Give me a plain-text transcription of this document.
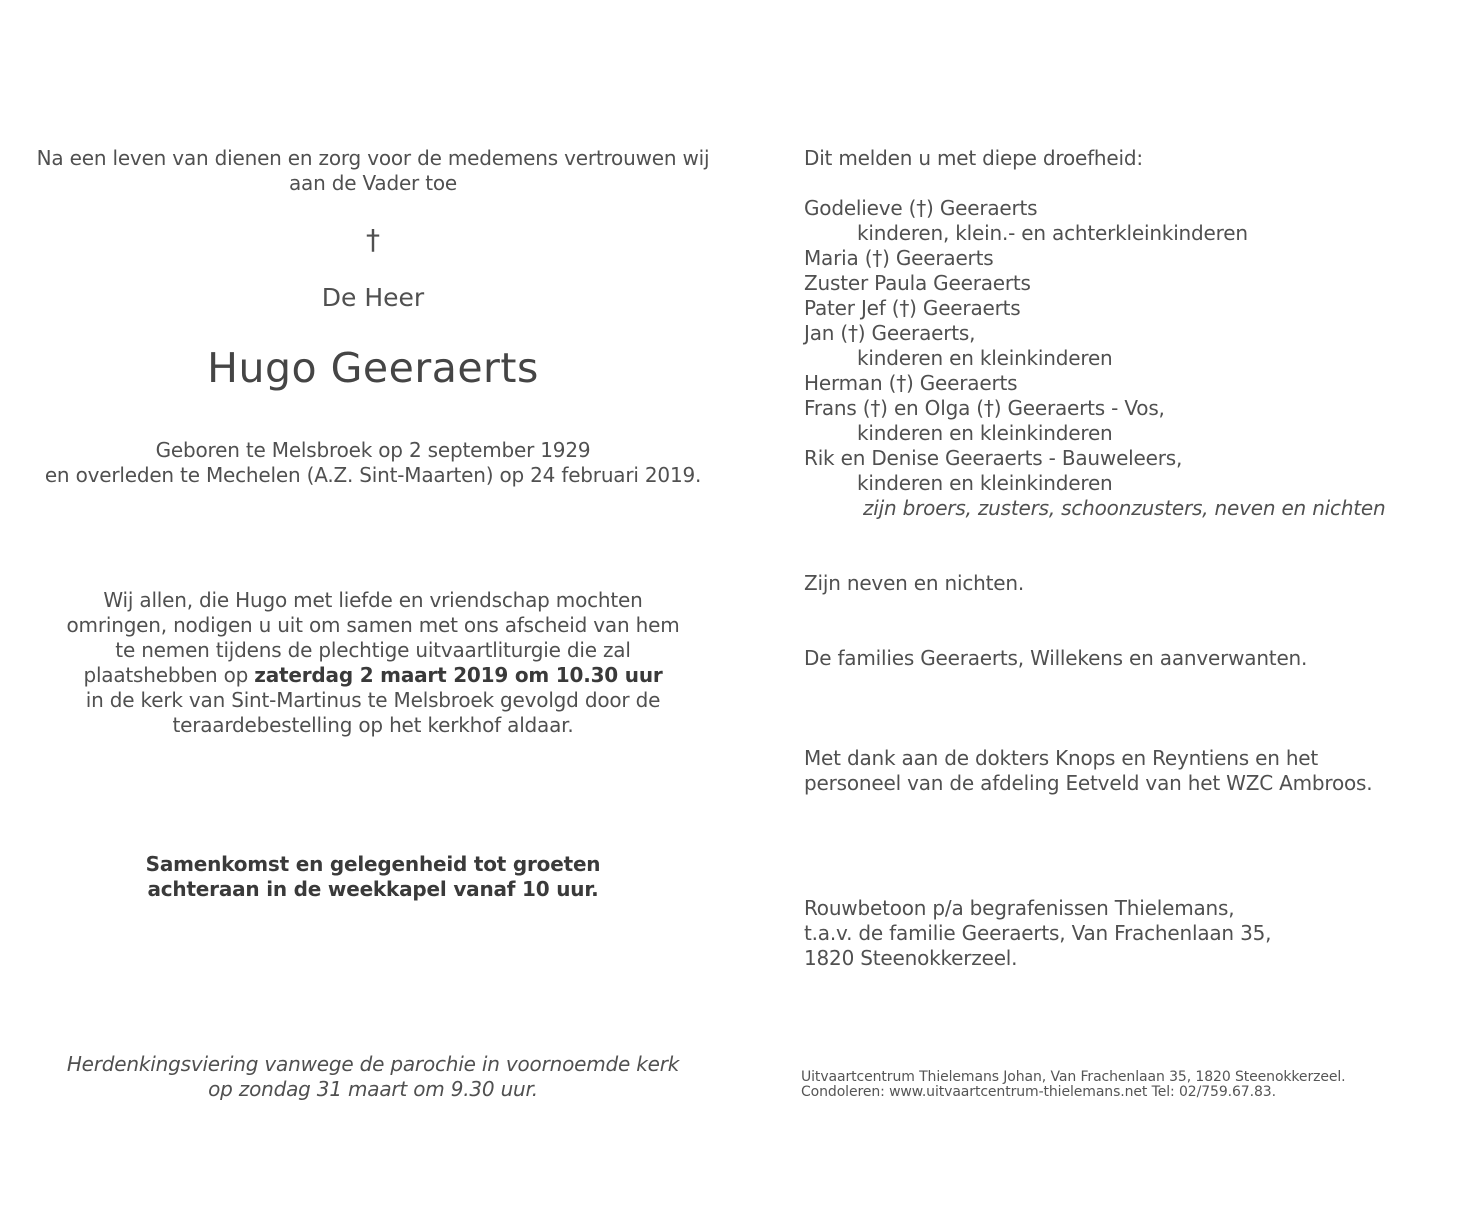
Na een leven van dienen en zorg voor de medemens vertrouwen wij
aan de Vader toe
†
De Heer
Hugo Geeraerts
Geboren te Melsbroek op 2 september 1929
en overleden te Mechelen (A.Z. Sint-Maarten) op 24 februari 2019.
Wij allen, die Hugo met liefde en vriendschap mochten
omringen, nodigen u uit om samen met ons afscheid van hem
te nemen tijdens de plechtige uitvaartliturgie die zal
plaatshebben op zaterdag 2 maart 2019 om 10.30 uur
in de kerk van Sint-Martinus te Melsbroek gevolgd door de
teraardebestelling op het kerkhof aldaar.
Samenkomst en gelegenheid tot groeten
achteraan in de weekkapel vanaf 10 uur.
Herdenkingsviering vanwege de parochie in voornoemde kerk
op zondag 31 maart om 9.30 uur.
Dit melden u met diepe droefheid:
Godelieve (†) Geeraerts
kinderen, klein.- en achterkleinkinderen
Maria (†) Geeraerts
Zuster Paula Geeraerts
Pater Jef (†) Geeraerts
Jan (†) Geeraerts,
kinderen en kleinkinderen
Herman (†) Geeraerts
Frans (†) en Olga (†) Geeraerts - Vos,
kinderen en kleinkinderen
Rik en Denise Geeraerts - Bauweleers,
kinderen en kleinkinderen
zijn broers, zusters, schoonzusters, neven en nichten
Zijn neven en nichten.
De families Geeraerts, Willekens en aanverwanten.
Met dank aan de dokters Knops en Reyntiens en het
personeel van de afdeling Eetveld van het WZC Ambroos.
Rouwbetoon p/a begrafenissen Thielemans,
t.a.v. de familie Geeraerts, Van Frachenlaan 35,
1820 Steenokkerzeel.
Uitvaartcentrum Thielemans Johan, Van Frachenlaan 35, 1820 Steenokkerzeel.
Condoleren: www.uitvaartcentrum-thielemans.net Tel: 02/759.67.83.
